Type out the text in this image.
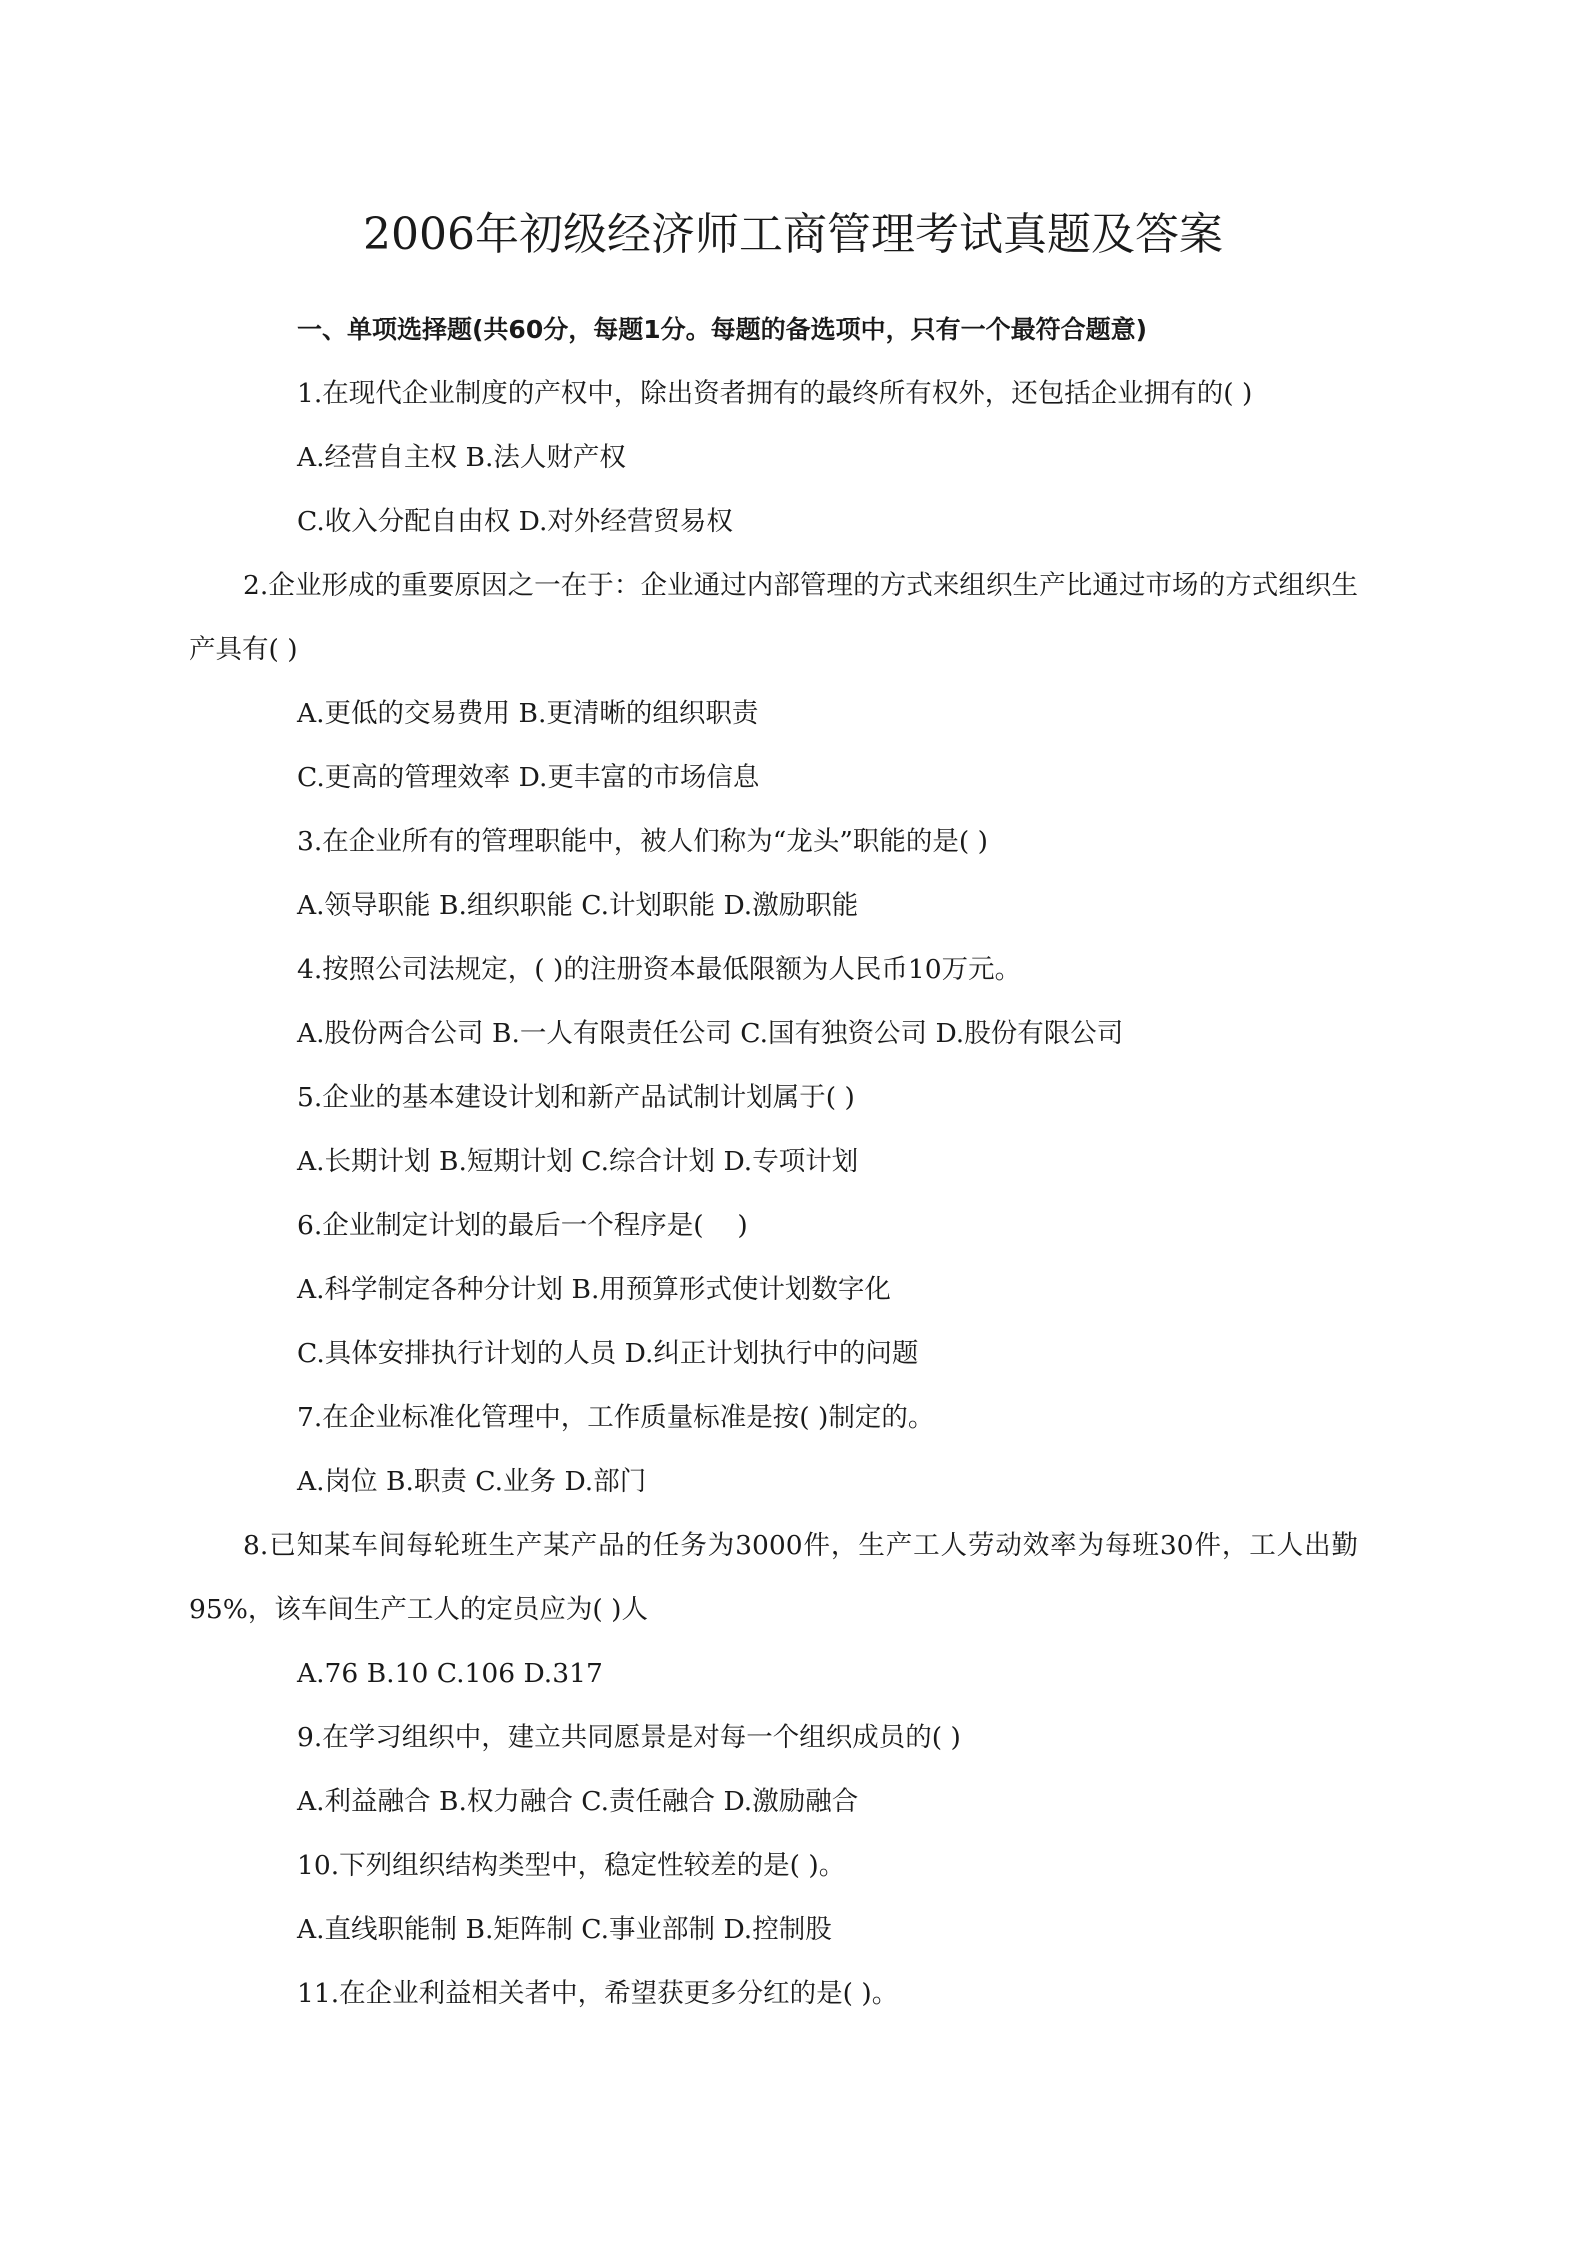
2006年初级经济师工商管理考试真题及答案

一、单项选择题(共60分，每题1分。每题的备选项中，只有一个最符合题意)

1.在现代企业制度的产权中，除出资者拥有的最终所有权外，还包括企业拥有的( )

A.经营自主权 B.法人财产权

C.收入分配自由权 D.对外经营贸易权

2.企业形成的重要原因之一在于：企业通过内部管理的方式来组织生产比通过市场的方式组织生产具有( )

A.更低的交易费用 B.更清晰的组织职责

C.更高的管理效率 D.更丰富的市场信息

3.在企业所有的管理职能中，被人们称为“龙头”职能的是( )

A.领导职能 B.组织职能 C.计划职能 D.激励职能

4.按照公司法规定，( )的注册资本最低限额为人民币10万元。

A.股份两合公司 B.一人有限责任公司 C.国有独资公司 D.股份有限公司

5.企业的基本建设计划和新产品试制计划属于( )

A.长期计划 B.短期计划 C.综合计划 D.专项计划

6.企业制定计划的最后一个程序是(    )

A.科学制定各种分计划 B.用预算形式使计划数字化

C.具体安排执行计划的人员 D.纠正计划执行中的问题

7.在企业标准化管理中，工作质量标准是按( )制定的。

A.岗位 B.职责 C.业务 D.部门

8.已知某车间每轮班生产某产品的任务为3000件，生产工人劳动效率为每班30件，工人出勤95%，该车间生产工人的定员应为( )人

A.76 B.10 C.106 D.317

9.在学习组织中，建立共同愿景是对每一个组织成员的( )

A.利益融合 B.权力融合 C.责任融合 D.激励融合

10.下列组织结构类型中，稳定性较差的是( )。

A.直线职能制 B.矩阵制 C.事业部制 D.控制股

11.在企业利益相关者中，希望获更多分红的是( )。
